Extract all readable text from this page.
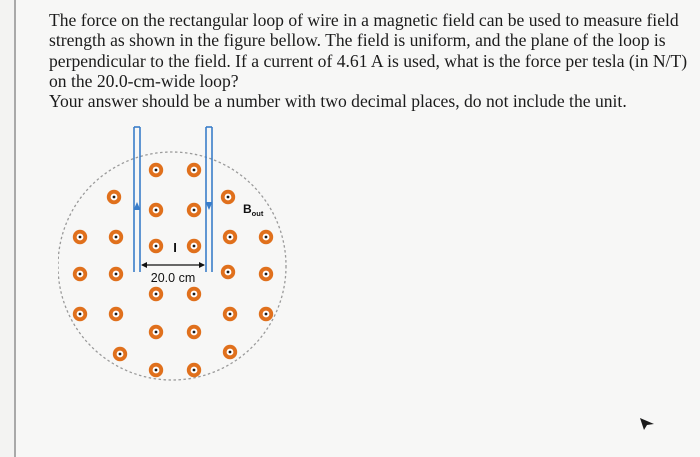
The force on the rectangular loop of wire in a magnetic field can be used to measure field strength as shown in the figure bellow. The field is uniform, and the plane of the loop is perpendicular to the field. If a current of 4.61 A is used, what is the force per tesla (in N/T) on the 20.0-cm-wide loop?

Your answer should be a number with two decimal places, do not include the unit.

I
20.0 cm
$B_{out}$
